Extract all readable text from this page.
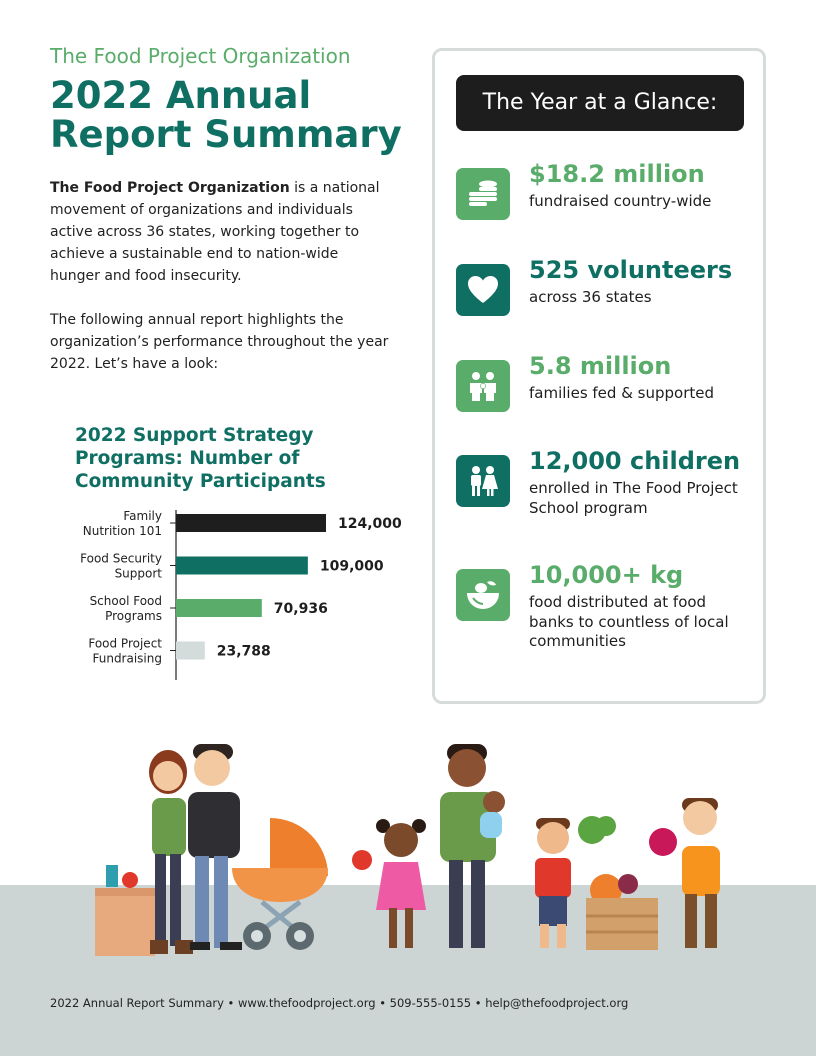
The Food Project Organization
2022 Annual
Report Summary

The Food Project Organization is a national movement of organizations and individuals active across 36 states, working together to achieve a sustainable end to nation-wide hunger and food insecurity.

The following annual report highlights the organization’s performance throughout the year 2022. Let’s have a look:

2022 Support Strategy Programs: Number of Community Participants
124,000
Family
Nutrition 101
109,000
Food Security
Support
70,936
School Food
Programs
23,788
Food Project
Fundraising
The Year at a Glance:
$18.2 million
fundraised country-wide
525 volunteers
across 36 states
5.8 million
families fed & supported
12,000 children
enrolled in The Food Project School program
10,000+ kg
food distributed at food banks to countless of local communities
2022 Annual Report Summary • www.thefoodproject.org • 509-555-0155 • help@thefoodproject.org
